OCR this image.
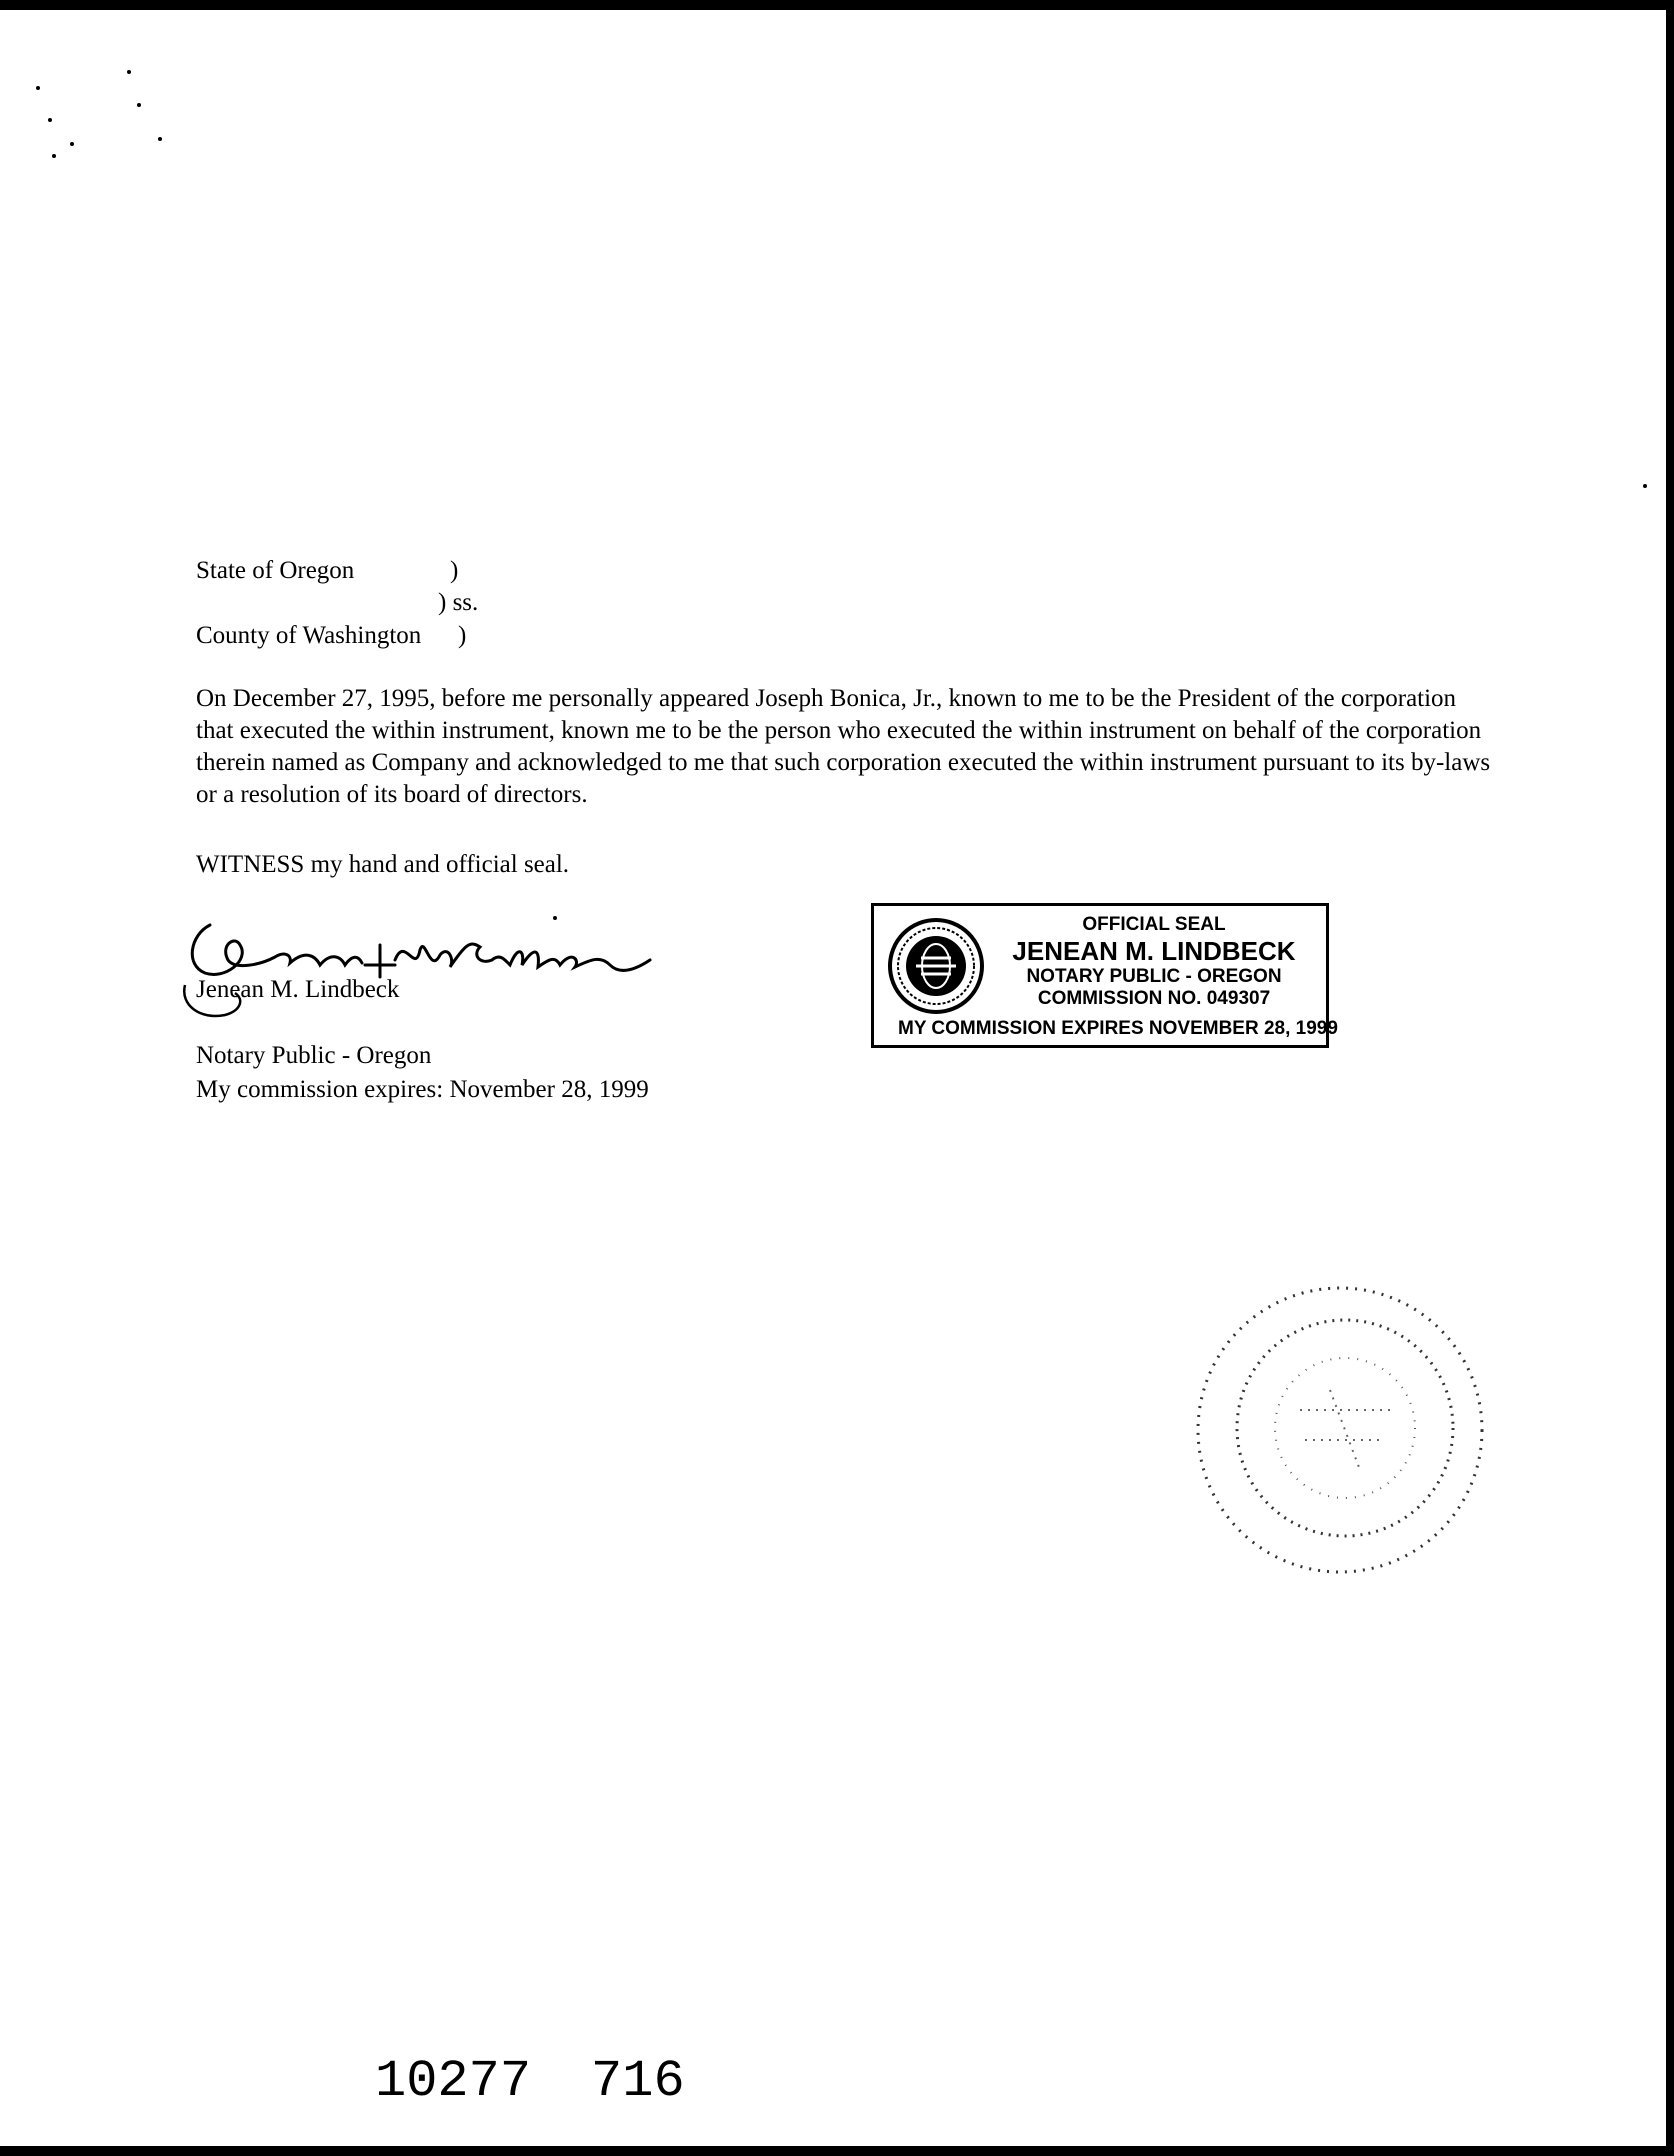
State of Oregon	)
) ss.
County of Washington )
On December 27, 1995, before me personally appeared Joseph Bonica, Jr., known to me to be the President of the corporation that executed the within instrument, known me to be the person who executed the within instrument on behalf of the corporation therein named as Company and acknowledged to me that such corporation executed the within instrument pursuant to its by-laws or a resolution of its board of directors.
WITNESS my hand and official seal.
Jenean M. Lindbeck
Notary Public - Oregon
My commission expires: November 28, 1999
OFFICIAL SEAL
JENEAN M. LINDBECK
NOTARY PUBLIC - OREGON
COMMISSION NO. 049307
MY COMMISSION EXPIRES NOVEMBER 28, 1999
10277 716
